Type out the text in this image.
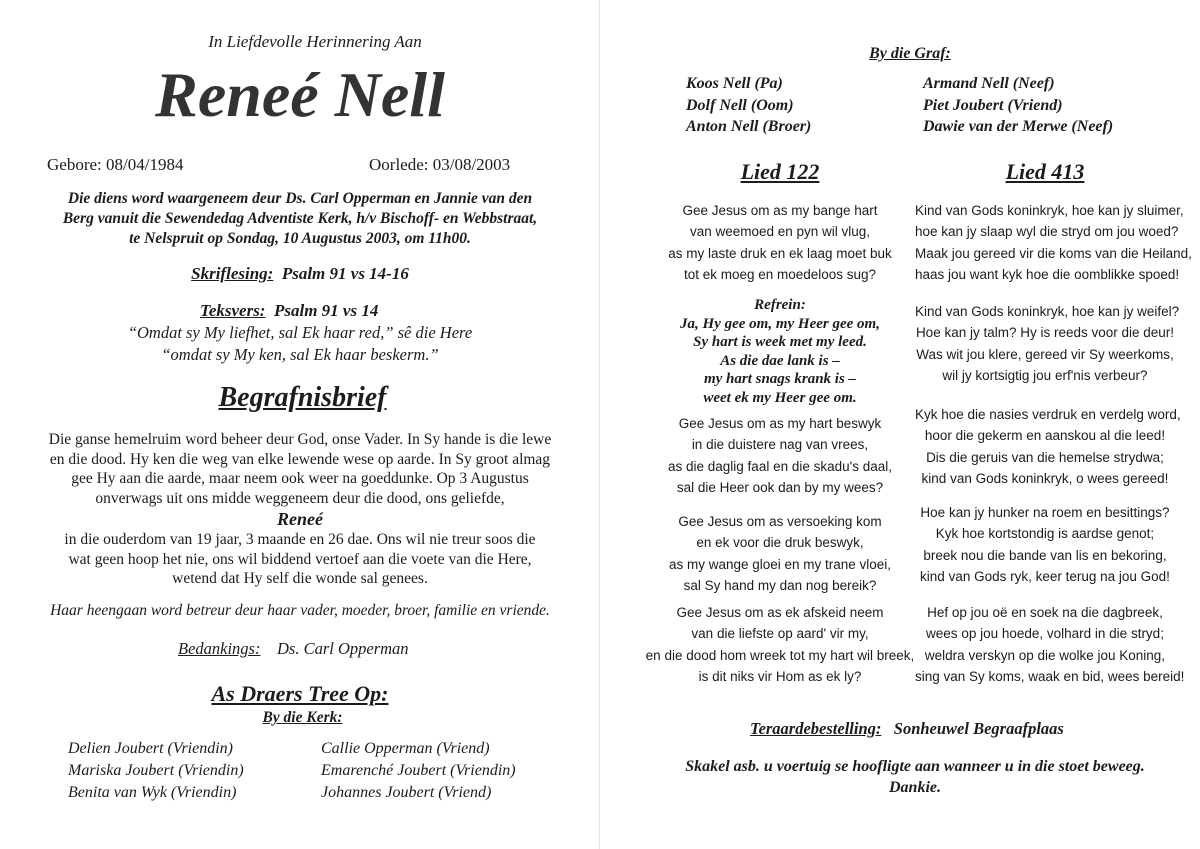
In Liefdevolle Herinnering Aan
Reneé Nell
Gebore: 08/04/1984	Oorlede: 03/08/2003
Die diens word waargeneem deur Ds. Carl Opperman en Jannie van den
Berg vanuit die Sewendedag Adventiste Kerk, h/v Bischoff- en Webbstraat,
te Nelspruit op Sondag, 10 Augustus 2003, om 11h00.
Skriflesing: Psalm 91 vs 14-16
Teksvers: Psalm 91 vs 14
“Omdat sy My liefhet, sal Ek haar red,” sê die Here
“omdat sy My ken, sal Ek haar beskerm.”
Begrafnisbrief
Die ganse hemelruim word beheer deur God, onse Vader. In Sy hande is die lewe
en die dood. Hy ken die weg van elke lewende wese op aarde. In Sy groot almag
gee Hy aan die aarde, maar neem ook weer na goeddunke. Op 3 Augustus
onverwags uit ons midde weggeneem deur die dood, ons geliefde,
Reneé
in die ouderdom van 19 jaar, 3 maande en 26 dae. Ons wil nie treur soos die
wat geen hoop het nie, ons wil biddend vertoef aan die voete van die Here,
wetend dat Hy self die wonde sal genees.
Haar heengaan word betreur deur haar vader, moeder, broer, familie en vriende.
Bedankings: Ds. Carl Opperman
As Draers Tree Op:
By die Kerk:
Delien Joubert (Vriendin)
Mariska Joubert (Vriendin)
Benita van Wyk (Vriendin)
Callie Opperman (Vriend)
Emarenché Joubert (Vriendin)
Johannes Joubert (Vriend)
By die Graf:
Koos Nell (Pa)
Dolf Nell (Oom)
Anton Nell (Broer)
Armand Nell (Neef)
Piet Joubert (Vriend)
Dawie van der Merwe (Neef)
Lied 122
Gee Jesus om as my bange hart
van weemoed en pyn wil vlug,
as my laste druk en ek laag moet buk
tot ek moeg en moedeloos sug?
Refrein:
Ja, Hy gee om, my Heer gee om,
Sy hart is week met my leed.
As die dae lank is –
my hart snags krank is –
weet ek my Heer gee om.
Gee Jesus om as my hart beswyk
in die duistere nag van vrees,
as die daglig faal en die skadu's daal,
sal die Heer ook dan by my wees?
Gee Jesus om as versoeking kom
en ek voor die druk beswyk,
as my wange gloei en my trane vloei,
sal Sy hand my dan nog bereik?
Gee Jesus om as ek afskeid neem
van die liefste op aard' vir my,
en die dood hom wreek tot my hart wil breek,
is dit niks vir Hom as ek ly?
Lied 413
Kind van Gods koninkryk, hoe kan jy sluimer,
hoe kan jy slaap wyl die stryd om jou woed?
Maak jou gereed vir die koms van die Heiland,
haas jou want kyk hoe die oomblikke spoed!
Kind van Gods koninkryk, hoe kan jy weifel?
Hoe kan jy talm? Hy is reeds voor die deur!
Was wit jou klere, gereed vir Sy weerkoms,
wil jy kortsigtig jou erf'nis verbeur?
Kyk hoe die nasies verdruk en verdelg word,
hoor die gekerm en aanskou al die leed!
Dis die geruis van die hemelse strydwa;
kind van Gods koninkryk, o wees gereed!
Hoe kan jy hunker na roem en besittings?
Kyk hoe kortstondig is aardse genot;
breek nou die bande van lis en bekoring,
kind van Gods ryk, keer terug na jou God!
Hef op jou oë en soek na die dagbreek,
wees op jou hoede, volhard in die stryd;
weldra verskyn op die wolke jou Koning,
sing van Sy koms, waak en bid, wees bereid!
Teraardebestelling: Sonheuwel Begraafplaas
Skakel asb. u voertuig se hoofligte aan wanneer u in die stoet beweeg.
Dankie.
